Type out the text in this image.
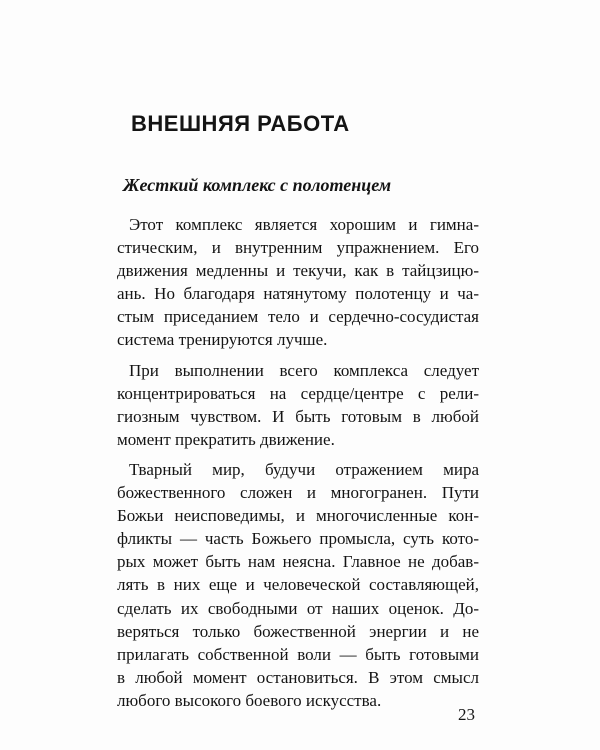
ВНЕШНЯЯ РАБОТА
Жесткий комплекс с полотенцем

Этот комплекс является хорошим и гимна-
стическим, и внутренним упражнением. Его
движения медленны и текучи, как в тайцзицю-
ань. Но благодаря натянутому полотенцу и ча-
стым приседанием тело и сердечно-сосудистая
система тренируются лучше.

При выполнении всего комплекса следует
концентрироваться на сердце/центре с рели-
гиозным чувством. И быть готовым в любой
момент прекратить движение.

Тварный мир, будучи отражением мира
божественного сложен и многогранен. Пути
Божьи неисповедимы, и многочисленные кон-
фликты — часть Божьего промысла, суть кото-
рых может быть нам неясна. Главное не добав-
лять в них еще и человеческой составляющей,
сделать их свободными от наших оценок. До-
веряться только божественной энергии и не
прилагать собственной воли — быть готовыми
в любой момент остановиться. В этом смысл
любого высокого боевого искусства.

23
